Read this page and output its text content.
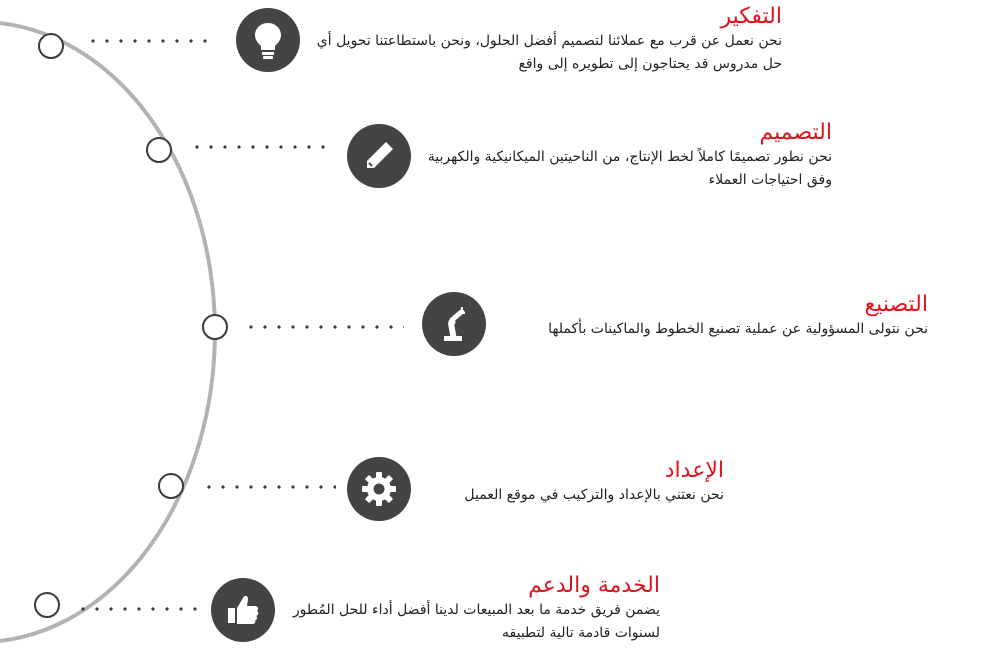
التفكير
نحن نعمل عن قرب مع عملائنا لتصميم أفضل الحلول، ونحن باستطاعتنا تحويل أي حل مدروس قد يحتاجون إلى تطويره إلى واقع
التصميم
نحن نطور تصميمًا كاملاً لخط الإنتاج، من الناحيتين الميكانيكية والكهربية وفق احتياجات العملاء
التصنيع
نحن نتولى المسؤولية عن عملية تصنيع الخطوط والماكينات بأكملها
الإعداد
نحن نعتني بالإعداد والتركيب في موقع العميل
الخدمة والدعم
يضمن فريق خدمة ما بعد المبيعات لدينا أفضل أداء للحل المُطور لسنوات قادمة تالية لتطبيقه
